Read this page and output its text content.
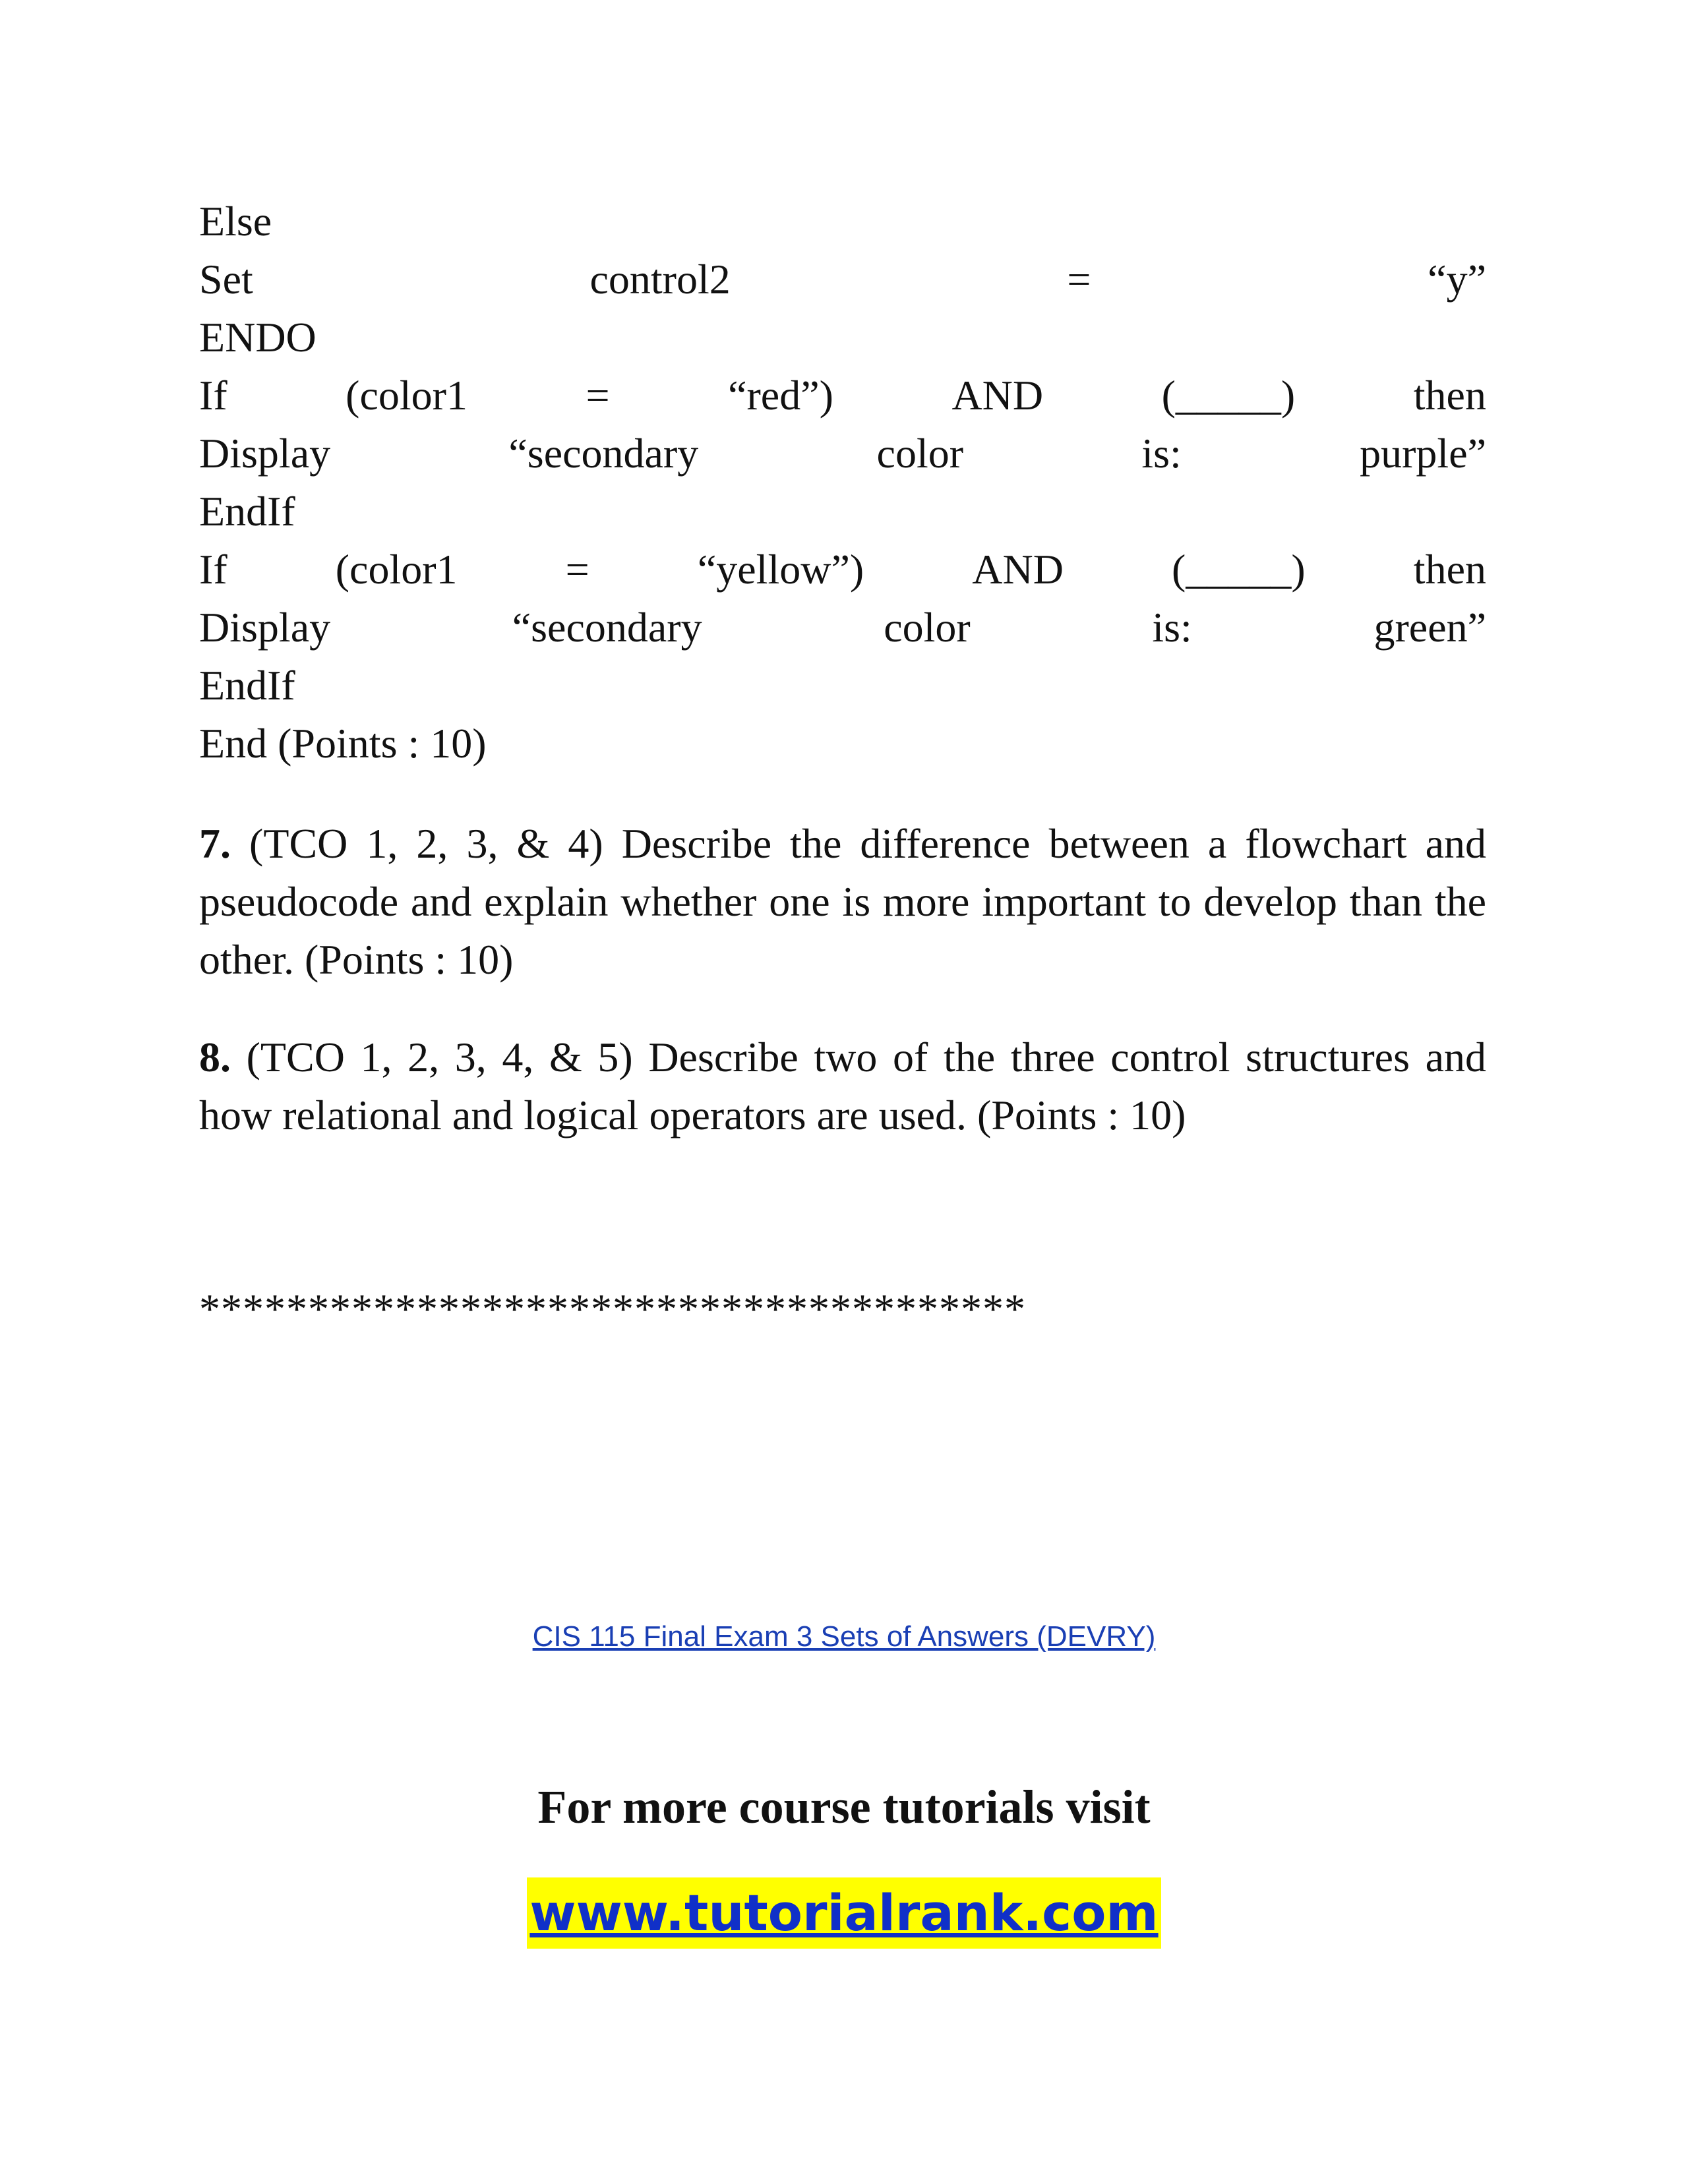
Else
Set	control2	=	“y”
ENDO
If	(color1	=	“red”)	AND	(_____)	then
Display	“secondary	color	is:	purple”
EndIf
If	(color1	=	“yellow”)	AND	(_____)	then
Display	“secondary	color	is:	green”
EndIf
End (Points : 10)
7. (TCO 1, 2, 3, & 4) Describe the difference between a flowchart and pseudocode and explain whether one is more important to develop than the other. (Points : 10)
8. (TCO 1, 2, 3, 4, & 5) Describe two of the three control structures and how relational and logical operators are used. (Points : 10)
**************************************
CIS 115 Final Exam 3 Sets of Answers (DEVRY)
For more course tutorials visit
www.tutorialrank.com
